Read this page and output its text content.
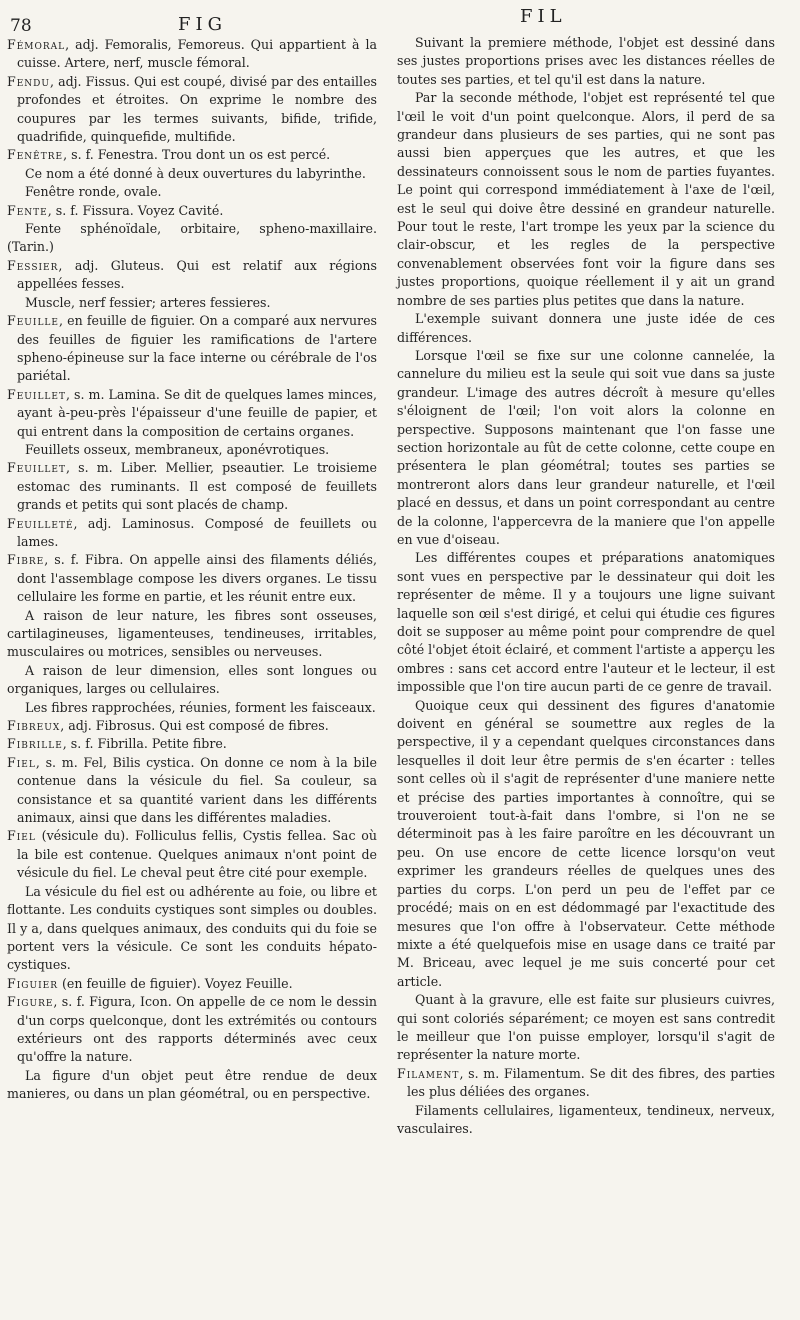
78	FIG	FIL

Fémoral, adj. Femoralis, Femoreus. Qui appartient à la cuisse. Artere, nerf, muscle fémoral.

Fendu, adj. Fissus. Qui est coupé, divisé par des entailles profondes et étroites. On exprime le nombre des coupures par les termes suivants, bifide, trifide, quadrifide, quinquefide, multifide.

Fenêtre, s. f. Fenestra. Trou dont un os est percé.

Ce nom a été donné à deux ouvertures du labyrinthe.

Fenêtre ronde, ovale.

Fente, s. f. Fissura. Voyez Cavité.

Fente sphénoïdale, orbitaire, spheno-maxillaire. (Tarin.)

Fessier, adj. Gluteus. Qui est relatif aux régions appellées fesses.

Muscle, nerf fessier; arteres fessieres.

Feuille, en feuille de figuier. On a comparé aux nervures des feuilles de figuier les ramifications de l'artere spheno-épineuse sur la face interne ou cérébrale de l'os pariétal.

Feuillet, s. m. Lamina. Se dit de quelques lames minces, ayant à-peu-près l'épaisseur d'une feuille de papier, et qui entrent dans la composition de certains organes.

Feuillets osseux, membraneux, aponévrotiques.

Feuillet, s. m. Liber. Mellier, pseautier. Le troisieme estomac des ruminants. Il est composé de feuillets grands et petits qui sont placés de champ.

Feuilleté, adj. Laminosus. Composé de feuillets ou lames.

Fibre, s. f. Fibra. On appelle ainsi des filaments déliés, dont l'assemblage compose les divers organes. Le tissu cellulaire les forme en partie, et les réunit entre eux.

A raison de leur nature, les fibres sont osseuses, cartilagineuses, ligamenteuses, tendineuses, irritables, musculaires ou motrices, sensibles ou nerveuses.

A raison de leur dimension, elles sont longues ou organiques, larges ou cellulaires.

Les fibres rapprochées, réunies, forment les faisceaux.

Fibreux, adj. Fibrosus. Qui est composé de fibres.

Fibrille, s. f. Fibrilla. Petite fibre.

Fiel, s. m. Fel, Bilis cystica. On donne ce nom à la bile contenue dans la vésicule du fiel. Sa couleur, sa consistance et sa quantité varient dans les différents animaux, ainsi que dans les différentes maladies.

Fiel (vésicule du). Folliculus fellis, Cystis fellea. Sac où la bile est contenue. Quelques animaux n'ont point de vésicule du fiel. Le cheval peut être cité pour exemple.

La vésicule du fiel est ou adhérente au foie, ou libre et flottante. Les conduits cystiques sont simples ou doubles. Il y a, dans quelques animaux, des conduits qui du foie se portent vers la vésicule. Ce sont les conduits hépato-cystiques.

Figuier (en feuille de figuier). Voyez Feuille.

Figure, s. f. Figura, Icon. On appelle de ce nom le dessin d'un corps quelconque, dont les extrémités ou contours extérieurs ont des rapports déterminés avec ceux qu'offre la nature.

La figure d'un objet peut être rendue de deux manieres, ou dans un plan géométral, ou en perspective.

Suivant la premiere méthode, l'objet est dessiné dans ses justes proportions prises avec les distances réelles de toutes ses parties, et tel qu'il est dans la nature.

Par la seconde méthode, l'objet est représenté tel que l'œil le voit d'un point quelconque. Alors, il perd de sa grandeur dans plusieurs de ses parties, qui ne sont pas aussi bien apperçues que les autres, et que les dessinateurs connoissent sous le nom de parties fuyantes. Le point qui correspond immédiatement à l'axe de l'œil, est le seul qui doive être dessiné en grandeur naturelle. Pour tout le reste, l'art trompe les yeux par la science du clair-obscur, et les regles de la perspective convenablement observées font voir la figure dans ses justes proportions, quoique réellement il y ait un grand nombre de ses parties plus petites que dans la nature.

L'exemple suivant donnera une juste idée de ces différences.

Lorsque l'œil se fixe sur une colonne cannelée, la cannelure du milieu est la seule qui soit vue dans sa juste grandeur. L'image des autres décroît à mesure qu'elles s'éloignent de l'œil; l'on voit alors la colonne en perspective. Supposons maintenant que l'on fasse une section horizontale au fût de cette colonne, cette coupe en présentera le plan géométral; toutes ses parties se montreront alors dans leur grandeur naturelle, et l'œil placé en dessus, et dans un point correspondant au centre de la colonne, l'appercevra de la maniere que l'on appelle en vue d'oiseau.

Les différentes coupes et préparations anatomiques sont vues en perspective par le dessinateur qui doit les représenter de même. Il y a toujours une ligne suivant laquelle son œil s'est dirigé, et celui qui étudie ces figures doit se supposer au même point pour comprendre de quel côté l'objet étoit éclairé, et comment l'artiste a apperçu les ombres : sans cet accord entre l'auteur et le lecteur, il est impossible que l'on tire aucun parti de ce genre de travail.

Quoique ceux qui dessinent des figures d'anatomie doivent en général se soumettre aux regles de la perspective, il y a cependant quelques circonstances dans lesquelles il doit leur être permis de s'en écarter : telles sont celles où il s'agit de représenter d'une maniere nette et précise des parties importantes à connoître, qui se trouveroient tout-à-fait dans l'ombre, si l'on ne se déterminoit pas à les faire paroître en les découvrant un peu. On use encore de cette licence lorsqu'on veut exprimer les grandeurs réelles de quelques unes des parties du corps. L'on perd un peu de l'effet par ce procédé; mais on en est dédommagé par l'exactitude des mesures que l'on offre à l'observateur. Cette méthode mixte a été quelquefois mise en usage dans ce traité par M. Briceau, avec lequel je me suis concerté pour cet article.

Quant à la gravure, elle est faite sur plusieurs cuivres, qui sont coloriés séparément; ce moyen est sans contredit le meilleur que l'on puisse employer, lorsqu'il s'agit de représenter la nature morte.

Filament, s. m. Filamentum. Se dit des fibres, des parties les plus déliées des organes.

Filaments cellulaires, ligamenteux, tendineux, nerveux, vasculaires.
